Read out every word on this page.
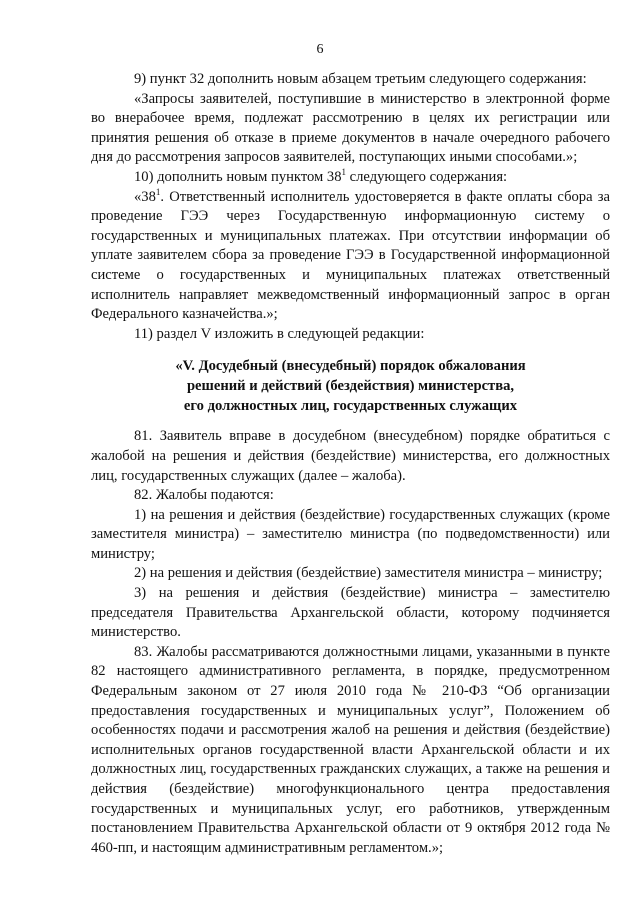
6

9) пункт 32 дополнить новым абзацем третьим следующего содержания:

«Запросы заявителей, поступившие в министерство в электронной форме во внерабочее время, подлежат рассмотрению в целях их регистрации или принятия решения об отказе в приеме документов в начале очередного рабочего дня до рассмотрения запросов заявителей, поступающих иными способами.»;

10) дополнить новым пунктом $38^1$ следующего содержания:

«$38^1$. Ответственный исполнитель удостоверяется в факте оплаты сбора за проведение ГЭЭ через Государственную информационную систему о государственных и муниципальных платежах. При отсутствии информации об уплате заявителем сбора за проведение ГЭЭ в Государственной информационной системе о государственных и муниципальных платежах ответственный исполнитель направляет межведомственный информационный запрос в орган Федерального казначейства.»;

11) раздел V изложить в следующей редакции:

«V. Досудебный (внесудебный) порядок обжалования
решений и действий (бездействия) министерства,
его должностных лиц, государственных служащих

81. Заявитель вправе в досудебном (внесудебном) порядке обратиться с жалобой на решения и действия (бездействие) министерства, его должностных лиц, государственных служащих (далее – жалоба).

82. Жалобы подаются:

1) на решения и действия (бездействие) государственных служащих (кроме заместителя министра) – заместителю министра (по подведомственности) или министру;

2) на решения и действия (бездействие) заместителя министра – министру;

3) на решения и действия (бездействие) министра – заместителю председателя Правительства Архангельской области, которому подчиняется министерство.

83. Жалобы рассматриваются должностными лицами, указанными в пункте 82 настоящего административного регламента, в порядке, предусмотренном Федеральным законом от 27 июля 2010 года № 210-ФЗ “Об организации предоставления государственных и муниципальных услуг”, Положением об особенностях подачи и рассмотрения жалоб на решения и действия (бездействие) исполнительных органов государственной власти Архангельской области и их должностных лиц, государственных гражданских служащих, а также на решения и действия (бездействие) многофункционального центра предоставления государственных и муниципальных услуг, его работников, утвержденным постановлением Правительства Архангельской области от 9 октября 2012 года № 460-пп, и настоящим административным регламентом.»;
